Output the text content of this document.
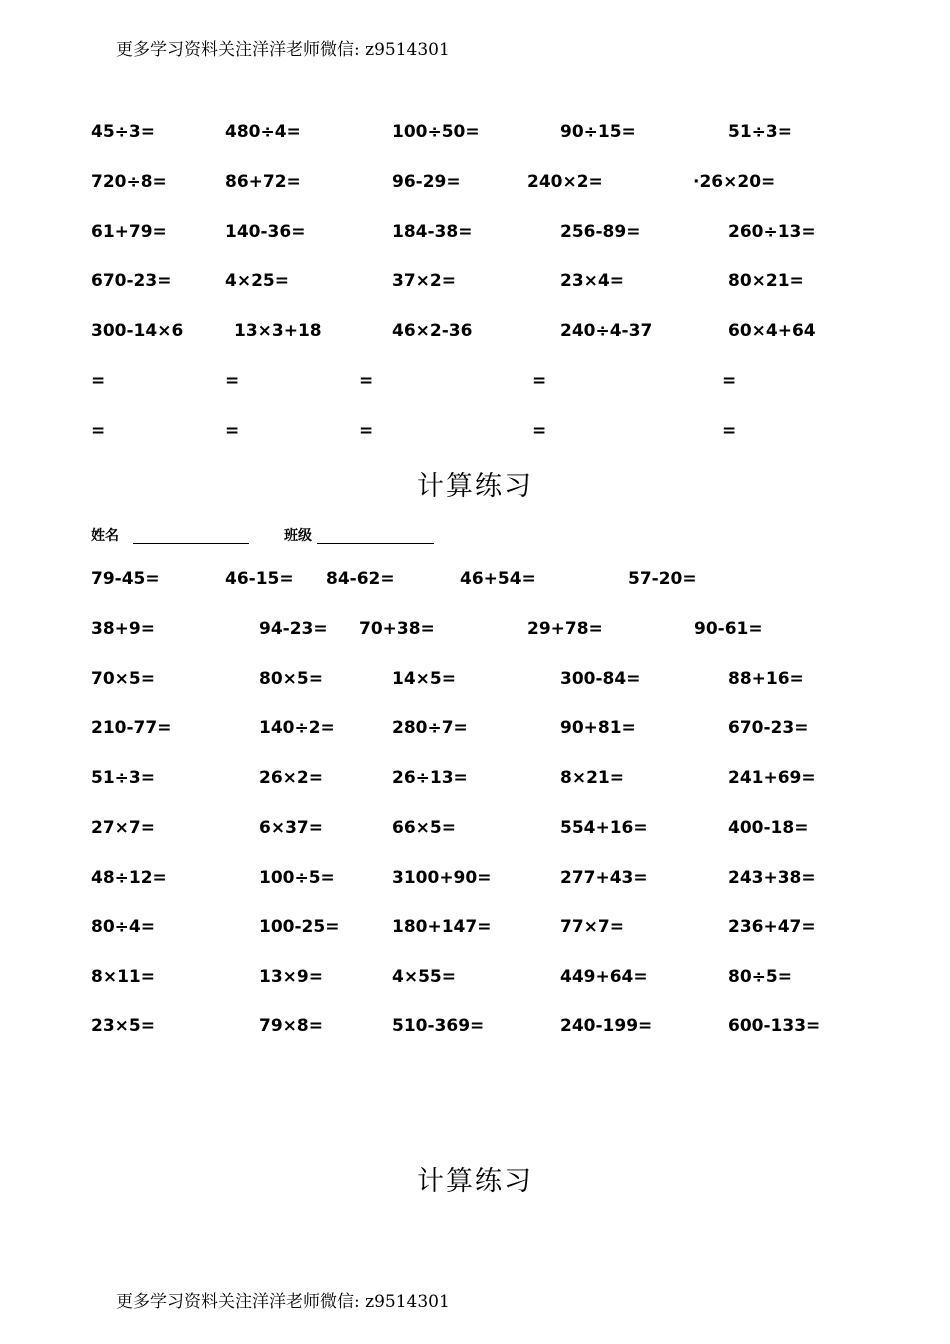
更多学习资料关注洋洋老师微信: z9514301
45÷3=	480÷4=	100÷50=	90÷15=	51÷3=
720÷8=	86+72=	96-29=	240×2=	·26×20=
61+79=	140-36=	184-38=	256-89=	260÷13=
670-23=	4×25=	37×2=	23×4=	80×21=
300-14×6	13×3+18	46×2-36	240÷4-37	60×4+64
=	=	=	=	=
=	=	=	=	=
计算练习
姓名	班级
79-45=	46-15= 84-62=	46+54=	57-20=
38+9=	94-23= 70+38=	29+78=	90-61=
70×5=	80×5=	14×5=	300-84=	88+16=
210-77=	140÷2=	280÷7=	90+81=	670-23=
51÷3=	26×2=	26÷13=	8×21=	241+69=
27×7=	6×37=	66×5=	554+16=	400-18=
48÷12=	100÷5=	3100+90=	277+43=	243+38=
80÷4=	100-25=	180+147=	77×7=	236+47=
8×11=	13×9=	4×55=	449+64=	80÷5=
23×5=	79×8=	510-369=	240-199=	600-133=
计算练习
更多学习资料关注洋洋老师微信: z9514301
